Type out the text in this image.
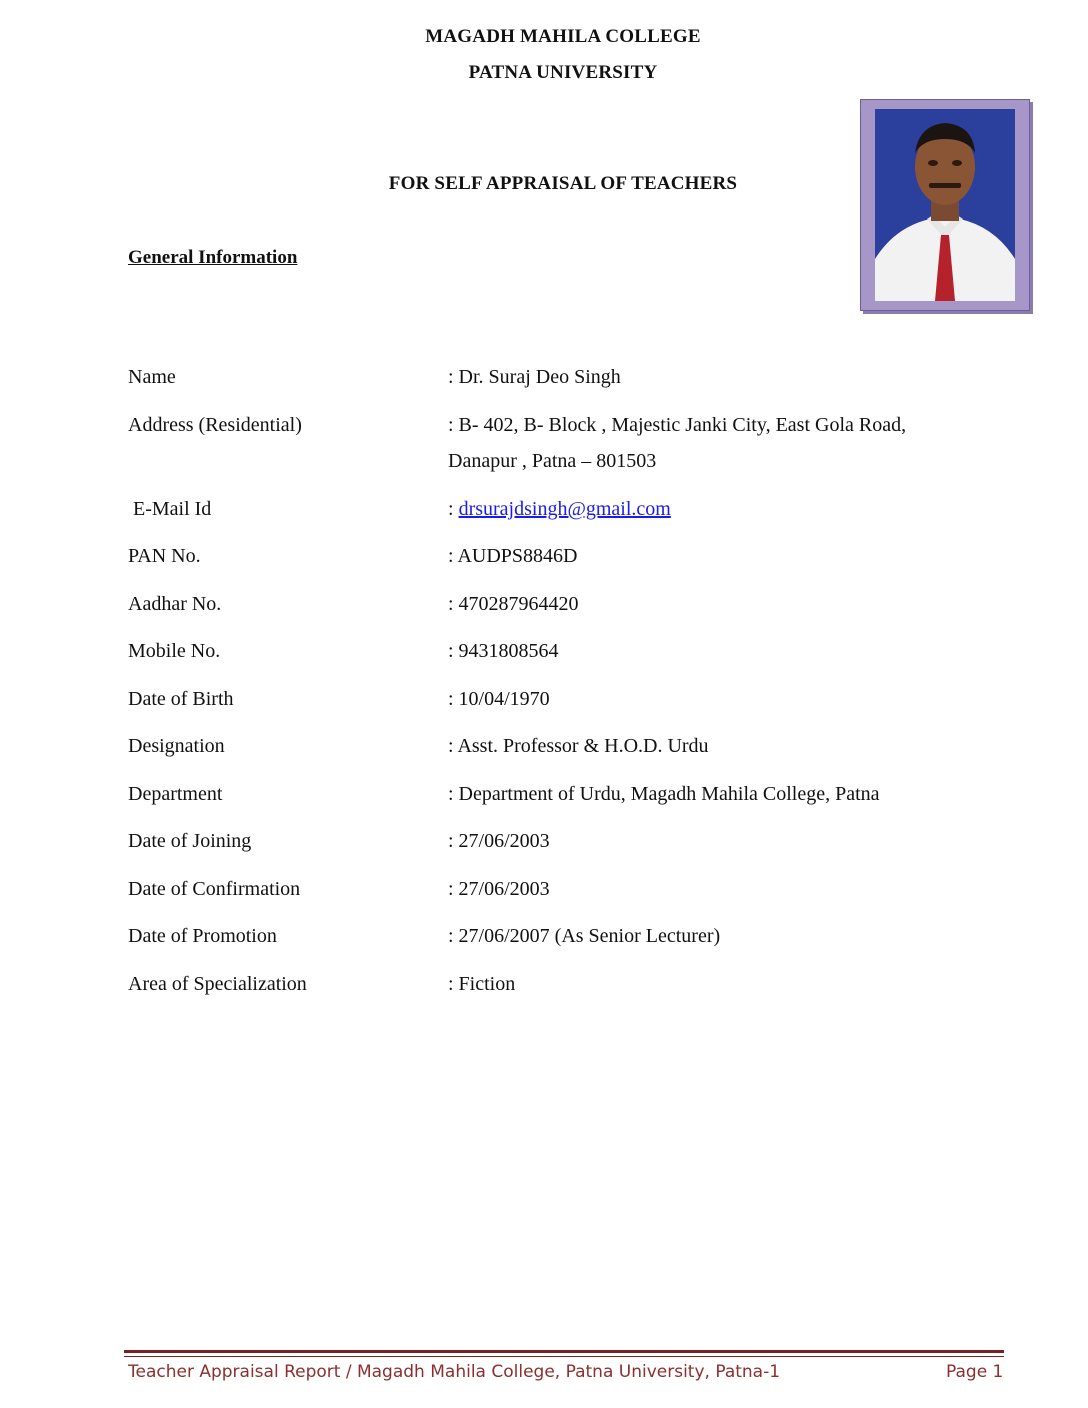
MAGADH MAHILA COLLEGE
PATNA UNIVERSITY
FOR SELF APPRAISAL OF TEACHERS
General Information
Name	: Dr. Suraj Deo Singh
Address (Residential)	: B- 402, B- Block , Majestic Janki City, East Gola Road,
Danapur , Patna – 801503
E-Mail Id	: drsurajdsingh@gmail.com
PAN No.	: AUDPS8846D
Aadhar No.	: 470287964420
Mobile No.	: 9431808564
Date of Birth	: 10/04/1970
Designation	: Asst. Professor & H.O.D. Urdu
Department	: Department of Urdu, Magadh Mahila College, Patna
Date of Joining	: 27/06/2003
Date of Confirmation	: 27/06/2003
Date of Promotion	: 27/06/2007 (As Senior Lecturer)
Area of Specialization	: Fiction
Teacher Appraisal Report / Magadh Mahila College, Patna University, Patna-1	Page 1
